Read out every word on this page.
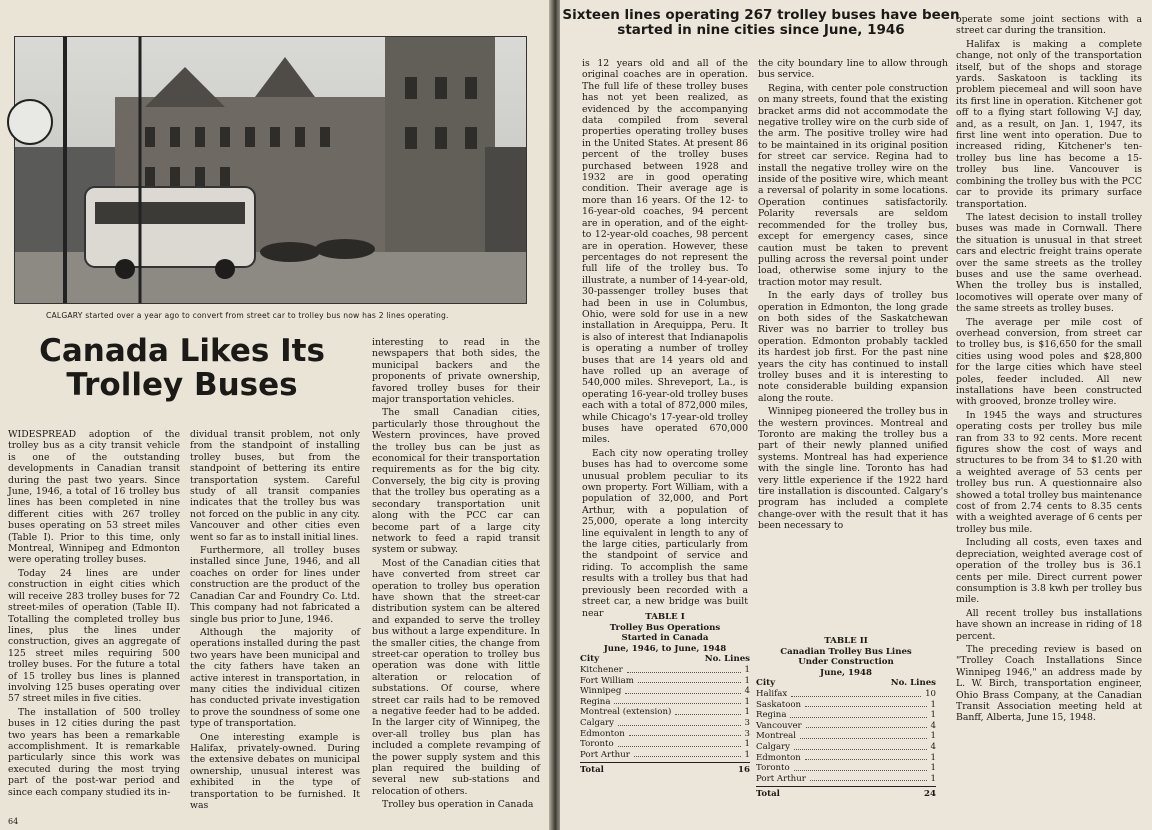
CALGARY started over a year ago to convert from street car to trolley bus now has 2 lines operating.
Canada Likes Its Trolley Buses

WIDESPREAD adoption of the trolley bus as a city transit vehicle is one of the outstanding developments in Canadian transit during the past two years. Since June, 1946, a total of 16 trolley bus lines has been completed in nine different cities with 267 trolley buses operating on 53 street miles (Table I). Prior to this time, only Montreal, Winnipeg and Edmonton were operating trolley buses.

Today 24 lines are under construction in eight cities which will receive 283 trolley buses for 72 street-miles of operation (Table II). Totalling the completed trolley bus lines, plus the lines under construction, gives an aggregate of 125 street miles requiring 500 trolley buses. For the future a total of 15 trolley bus lines is planned involving 125 buses operating over 57 street miles in five cities.

The installation of 500 trolley buses in 12 cities during the past two years has been a remarkable accomplishment. It is remarkable particularly since this work was executed during the most trying part of the post-war period and since each company studied its in-

dividual transit problem, not only from the standpoint of installing trolley buses, but from the standpoint of bettering its entire transportation system. Careful study of all transit companies indicates that the trolley bus was not forced on the public in any city. Vancouver and other cities even went so far as to install initial lines.

Furthermore, all trolley buses installed since June, 1946, and all coaches on order for lines under construction are the product of the Canadian Car and Foundry Co. Ltd. This company had not fabricated a single bus prior to June, 1946.

Although the majority of operations installed during the past two years have been municipal and the city fathers have taken an active interest in transportation, in many cities the individual citizen has conducted private investigation to prove the soundness of some one type of transportation.

One interesting example is Halifax, privately-owned. During the extensive debates on municipal ownership, unusual interest was exhibited in the type of transportation to be furnished. It was

interesting to read in the newspapers that both sides, the municipal backers and the proponents of private ownership, favored trolley buses for their major transportation vehicles.

The small Canadian cities, particularly those throughout the Western provinces, have proved the trolley bus can be just as economical for their transportation requirements as for the big city. Conversely, the big city is proving that the trolley bus operating as a secondary transportation unit along with the PCC car can become part of a large city network to feed a rapid transit system or subway.

Most of the Canadian cities that have converted from street car operation to trolley bus operation have shown that the street-car distribution system can be altered and expanded to serve the trolley bus without a large expenditure. In the smaller cities, the change from street-car operation to trolley bus operation was done with little alteration or relocation of substations. Of course, where street car rails had to be removed a negative feeder had to be added. In the larger city of Winnipeg, the over-all trolley bus plan has included a complete revamping of the power supply system and this plan required the building of several new sub-stations and relocation of others.

Trolley bus operation in Canada

64
Sixteen lines operating 267 trolley buses have been started in nine cities since June, 1946

is 12 years old and all of the original coaches are in operation. The full life of these trolley buses has not yet been realized, as evidenced by the accompanying data compiled from several properties operating trolley buses in the United States. At present 86 percent of the trolley buses purchased between 1928 and 1932 are in good operating condition. Their average age is more than 16 years. Of the 12- to 16-year-old coaches, 94 percent are in operation, and of the eight- to 12-year-old coaches, 98 percent are in operation. However, these percentages do not represent the full life of the trolley bus. To illustrate, a number of 14-year-old, 30-passenger trolley buses that had been in use in Columbus, Ohio, were sold for use in a new installation in Arequippa, Peru. It is also of interest that Indianapolis is operating a number of trolley buses that are 14 years old and have rolled up an average of 540,000 miles. Shreveport, La., is operating 16-year-old trolley buses each with a total of 872,000 miles, while Chicago's 17-year-old trolley buses have operated 670,000 miles.

Each city now operating trolley buses has had to overcome some unusual problem peculiar to its own property. Fort William, with a population of 32,000, and Port Arthur, with a population of 25,000, operate a long intercity line equivalent in length to any of the large cities, particularly from the standpoint of service and riding. To accomplish the same results with a trolley bus that had previously been recorded with a street car, a new bridge was built near

the city boundary line to allow through bus service.

Regina, with center pole construction on many streets, found that the existing bracket arms did not accommodate the negative trolley wire on the curb side of the arm. The positive trolley wire had to be maintained in its original position for street car service. Regina had to install the negative trolley wire on the inside of the positive wire, which meant a reversal of polarity in some locations. Operation continues satisfactorily. Polarity reversals are seldom recommended for the trolley bus, except for emergency cases, since caution must be taken to prevent pulling across the reversal point under load, otherwise some injury to the traction motor may result.

In the early days of trolley bus operation in Edmonton, the long grade on both sides of the Saskatchewan River was no barrier to trolley bus operation. Edmonton probably tackled its hardest job first. For the past nine years the city has continued to install trolley buses and it is interesting to note considerable building expansion along the route.

Winnipeg pioneered the trolley bus in the western provinces. Montreal and Toronto are making the trolley bus a part of their newly planned unified systems. Montreal has had experience with the single line. Toronto has had very little experience if the 1922 hard tire installation is discounted. Calgary's program has included a complete change-over with the result that it has been necessary to

operate some joint sections with a street car during the transition.

Halifax is making a complete change, not only of the transportation itself, but of the shops and storage yards. Saskatoon is tackling its problem piecemeal and will soon have its first line in operation. Kitchener got off to a flying start following V-J day, and, as a result, on Jan. 1, 1947, its first line went into operation. Due to increased riding, Kitchener's ten-trolley bus line has become a 15-trolley bus line. Vancouver is combining the trolley bus with the PCC car to provide its primary surface transportation.

The latest decision to install trolley buses was made in Cornwall. There the situation is unusual in that street cars and electric freight trains operate over the same streets as the trolley buses and use the same overhead. When the trolley bus is installed, locomotives will operate over many of the same streets as trolley buses.

The average per mile cost of overhead conversion, from street car to trolley bus, is $16,650 for the small cities using wood poles and $28,800 for the large cities which have steel poles, feeder included. All new installations have been constructed with grooved, bronze trolley wire.

In 1945 the ways and structures operating costs per trolley bus mile ran from 33 to 92 cents. More recent figures show the cost of ways and structures to be from 34 to $1.20 with a weighted average of 53 cents per trolley bus run. A questionnaire also showed a total trolley bus maintenance cost of from 2.74 cents to 8.35 cents with a weighted average of 6 cents per trolley bus mile.

Including all costs, even taxes and depreciation, weighted average cost of operation of the trolley bus is 36.1 cents per mile. Direct current power consumption is 3.8 kwh per trolley bus mile.

All recent trolley bus installations have shown an increase in riding of 18 percent.

The preceding review is based on "Trolley Coach Installations Since Winnipeg 1946," an address made by L. W. Birch, transportation engineer, Ohio Brass Company, at the Canadian Transit Association meeting held at Banff, Alberta, June 15, 1948.

TABLE I
Trolley Bus Operations
Started in Canada
June, 1946, to June, 1948
City	No. Lines
Kitchener	1
Fort William	1
Winnipeg	4
Regina	1
Montreal (extension)	1
Calgary	3
Edmonton	3
Toronto	1
Port Arthur	1
Total	16
TABLE II
Canadian Trolley Bus Lines
Under Construction
June, 1948
City	No. Lines
Halifax	10
Saskatoon	1
Regina	1
Vancouver	4
Montreal	1
Calgary	4
Edmonton	1
Toronto	1
Port Arthur	1
Total	24
